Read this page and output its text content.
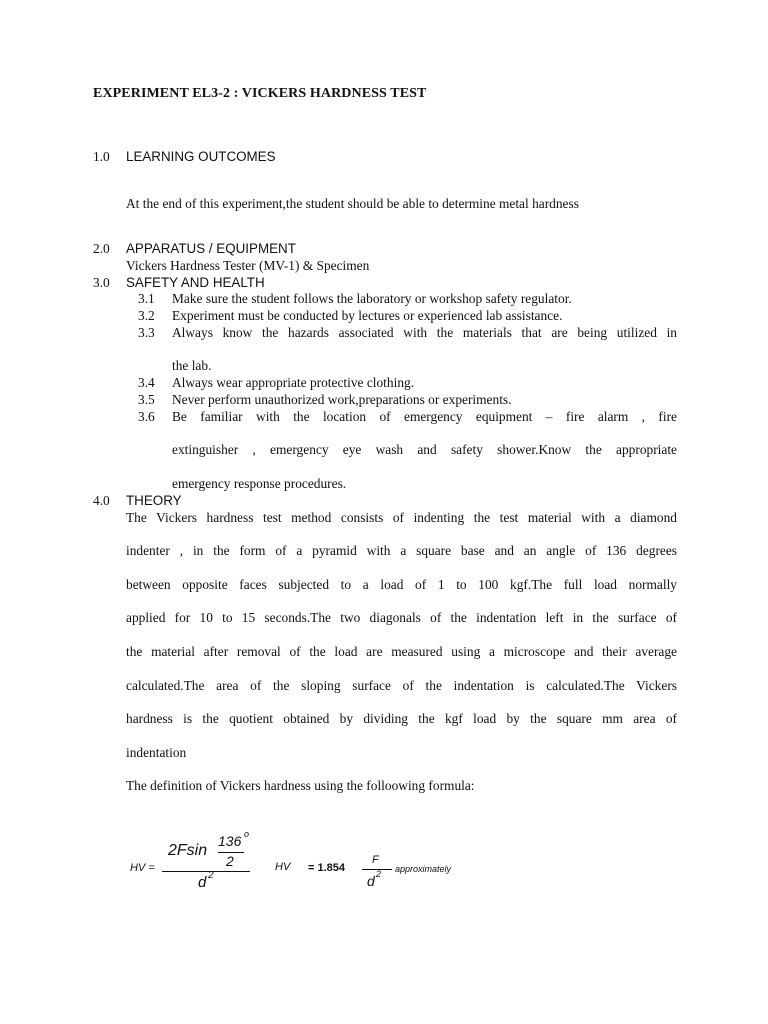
EXPERIMENT EL3-2 : VICKERS HARDNESS TEST
1.0 LEARNING OUTCOMES
At the end of this experiment,the student should be able to determine metal hardness
2.0 APPARATUS / EQUIPMENT
Vickers Hardness Tester (MV-1) & Specimen
3.0 SAFETY AND HEALTH
3.1 Make sure the student follows the laboratory or workshop safety regulator.
3.2 Experiment must be conducted by lectures or experienced lab assistance.
3.3 Always know the hazards associated with the materials that are being utilized in
the lab.
3.4 Always wear appropriate protective clothing.
3.5 Never perform unauthorized work,preparations or experiments.
3.6 Be familiar with the location of emergency equipment – fire alarm , fire
extinguisher , emergency eye wash and safety shower.Know the appropriate
emergency response procedures.
4.0 THEORY
The Vickers hardness test method consists of indenting the test material with a diamond
indenter , in the form of a pyramid with a square base and an angle of 136 degrees
between opposite faces subjected to a load of 1 to 100 kgf.The full load normally
applied for 10 to 15 seconds.The two diagonals of the indentation left in the surface of
the material after removal of the load are measured using a microscope and their average
calculated.The area of the sloping surface of the indentation is calculated.The Vickers
hardness is the quotient obtained by dividing the kgf load by the square mm area of
indentation
The definition of Vickers hardness using the folloowing formula:
HV =
2Fsin
136 o
2
d 2
HV = 1.854
F
d 2 approximately
